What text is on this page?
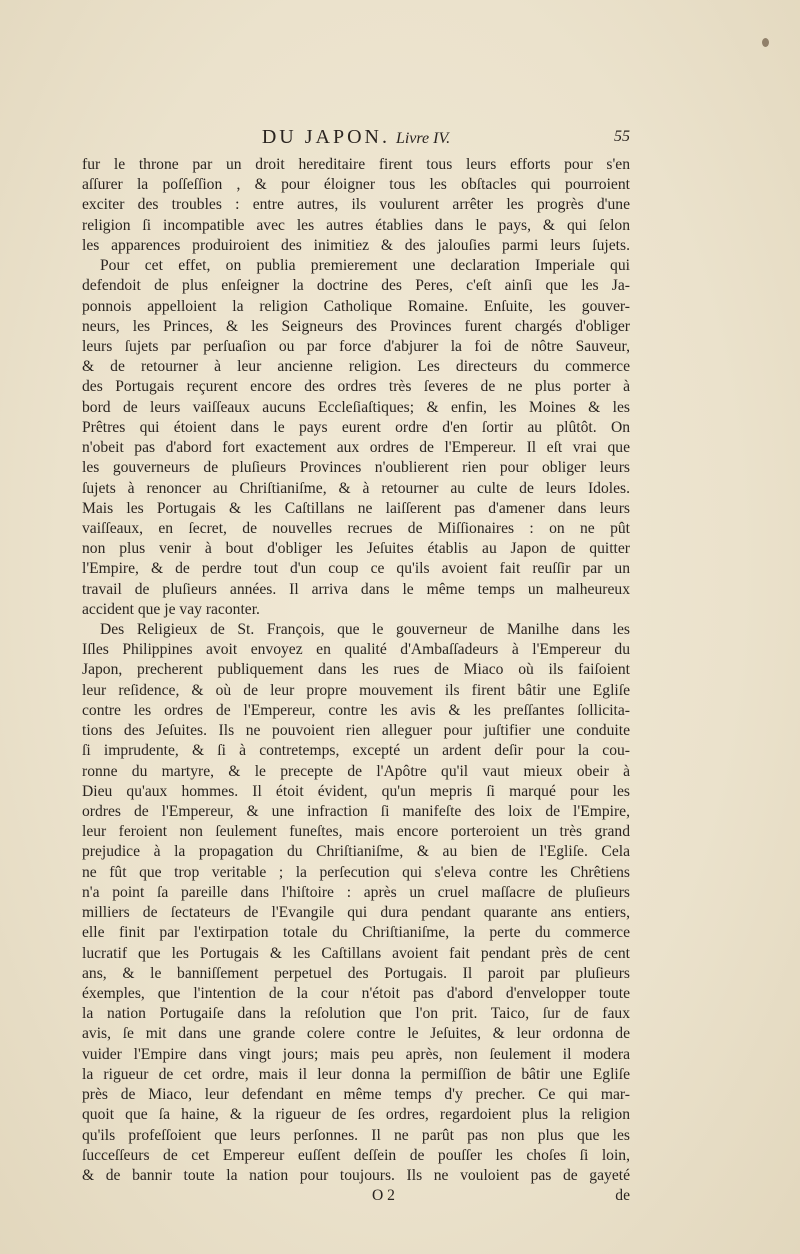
DU JAPON. Livre IV.	55
fur le throne par un droit hereditaire firent tous leurs efforts pour s'en
aſſurer la poſſeſſion , & pour éloigner tous les obſtacles qui pourroient
exciter des troubles : entre autres, ils voulurent arrêter les progrès d'une
religion ſi incompatible avec les autres établies dans le pays, & qui ſelon
les apparences produiroient des inimitiez & des jalouſies parmi leurs ſujets.
Pour cet effet, on publia premierement une declaration Imperiale qui
defendoit de plus enſeigner la doctrine des Peres, c'eſt ainſi que les Ja-
ponnois appelloient la religion Catholique Romaine. Enſuite, les gouver-
neurs, les Princes, & les Seigneurs des Provinces furent chargés d'obliger
leurs ſujets par perſuaſion ou par force d'abjurer la foi de nôtre Sauveur,
& de retourner à leur ancienne religion. Les directeurs du commerce
des Portugais reçurent encore des ordres très ſeveres de ne plus porter à
bord de leurs vaiſſeaux aucuns Eccleſiaſtiques; & enfin, les Moines & les
Prêtres qui étoient dans le pays eurent ordre d'en ſortir au plûtôt. On
n'obeit pas d'abord fort exactement aux ordres de l'Empereur. Il eſt vrai que
les gouverneurs de pluſieurs Provinces n'oublierent rien pour obliger leurs
ſujets à renoncer au Chriſtianiſme, & à retourner au culte de leurs Idoles.
Mais les Portugais & les Caſtillans ne laiſſerent pas d'amener dans leurs
vaiſſeaux, en ſecret, de nouvelles recrues de Miſſionaires : on ne pût
non plus venir à bout d'obliger les Jeſuites établis au Japon de quitter
l'Empire, & de perdre tout d'un coup ce qu'ils avoient fait reuſſir par un
travail de pluſieurs années. Il arriva dans le même temps un malheureux
accident que je vay raconter.
Des Religieux de St. François, que le gouverneur de Manilhe dans les
Iſles Philippines avoit envoyez en qualité d'Ambaſſadeurs à l'Empereur du
Japon, precherent publiquement dans les rues de Miaco où ils faiſoient
leur reſidence, & où de leur propre mouvement ils firent bâtir une Egliſe
contre les ordres de l'Empereur, contre les avis & les preſſantes ſollicita-
tions des Jeſuites. Ils ne pouvoient rien alleguer pour juſtifier une conduite
ſi imprudente, & ſi à contretemps, excepté un ardent deſir pour la cou-
ronne du martyre, & le precepte de l'Apôtre qu'il vaut mieux obeir à
Dieu qu'aux hommes. Il étoit évident, qu'un mepris ſi marqué pour les
ordres de l'Empereur, & une infraction ſi manifeſte des loix de l'Empire,
leur feroient non ſeulement funeſtes, mais encore porteroient un très grand
prejudice à la propagation du Chriſtianiſme, & au bien de l'Egliſe. Cela
ne fût que trop veritable ; la perſecution qui s'eleva contre les Chrêtiens
n'a point ſa pareille dans l'hiſtoire : après un cruel maſſacre de pluſieurs
milliers de ſectateurs de l'Evangile qui dura pendant quarante ans entiers,
elle finit par l'extirpation totale du Chriſtianiſme, la perte du commerce
lucratif que les Portugais & les Caſtillans avoient fait pendant près de cent
ans, & le banniſſement perpetuel des Portugais. Il paroit par pluſieurs
éxemples, que l'intention de la cour n'étoit pas d'abord d'envelopper toute
la nation Portugaiſe dans la reſolution que l'on prit. Taico, ſur de faux
avis, ſe mit dans une grande colere contre le Jeſuites, & leur ordonna de
vuider l'Empire dans vingt jours; mais peu après, non ſeulement il modera
la rigueur de cet ordre, mais il leur donna la permiſſion de bâtir une Egliſe
près de Miaco, leur defendant en même temps d'y precher. Ce qui mar-
quoit que ſa haine, & la rigueur de ſes ordres, regardoient plus la religion
qu'ils profeſſoient que leurs perſonnes. Il ne parût pas non plus que les
ſucceſſeurs de cet Empereur euſſent deſſein de pouſſer les choſes ſi loin,
& de bannir toute la nation pour toujours. Ils ne vouloient pas de gayeté
O 2	de
